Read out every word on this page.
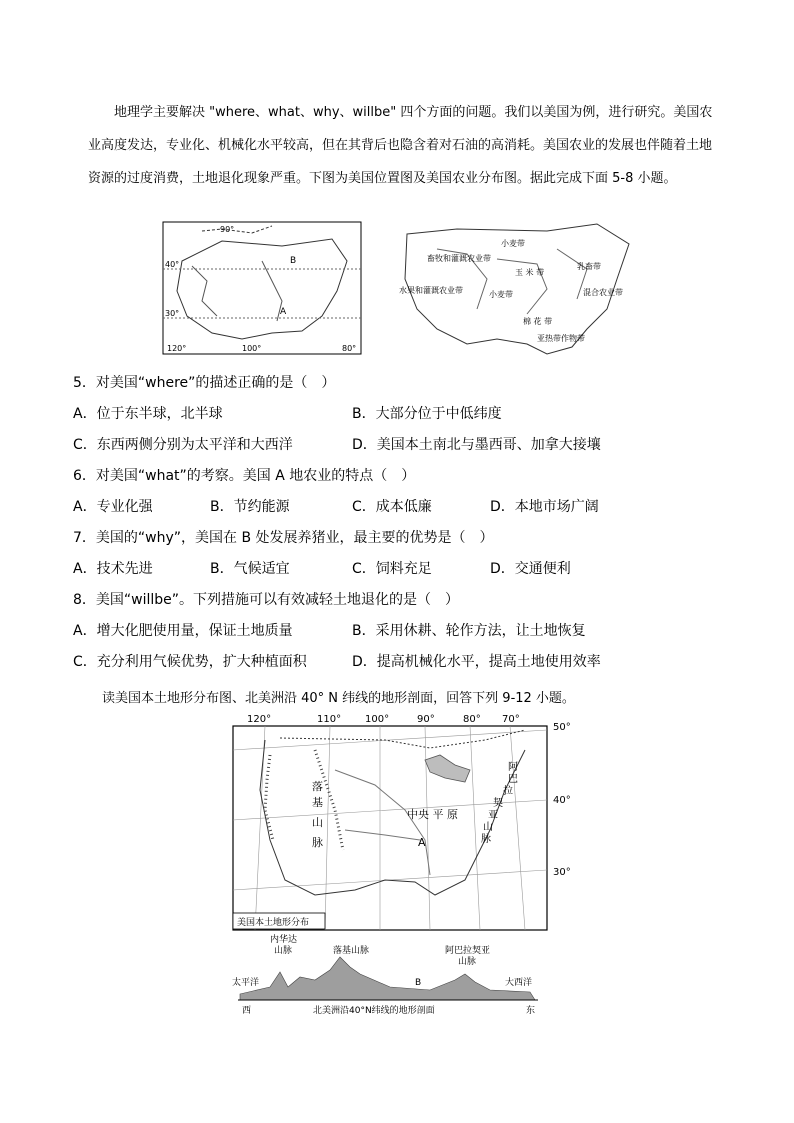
地理学主要解决 "where、what、why、willbe" 四个方面的问题。我们以美国为例，进行研究。美国农业高度发达，专业化、机械化水平较高，但在其背后也隐含着对石油的高消耗。美国农业的发展也伴随着土地资源的过度消费，土地退化现象严重。下图为美国位置图及美国农业分布图。据此完成下面 5-8 小题。
90°
40°
30°
120°	100°	80°
B
A
小麦带
畜牧和灌溉农业带
玉 米 带
乳畜带
水果和灌溉农业带	小麦带	混合农业带
棉 花 带
亚热带作物带
5．对美国“where”的描述正确的是（　）
A．位于东半球，北半球	B．大部分位于中低纬度
C．东西两侧分别为太平洋和大西洋	D．美国本土南北与墨西哥、加拿大接壤
6．对美国“what”的考察。美国 A 地农业的特点（　）
A．专业化强	B．节约能源	C．成本低廉	D．本地市场广阔
7．美国的“why”，美国在 B 处发展养猪业，最主要的优势是（　）
A．技术先进	B．气候适宜	C．饲料充足	D．交通便利
8．美国“willbe”。下列措施可以有效减轻土地退化的是（　）
A．增大化肥使用量，保证土地质量	B．采用休耕、轮作方法，让土地恢复
C．充分利用气候优势，扩大种植面积	D．提高机械化水平，提高土地使用效率
读美国本土地形分布图、北美洲沿 40° N 纬线的地形剖面，回答下列 9-12 小题。
120°	110° 100°	90°	80° 70°
50°
40°
30°
落
基
山
脉
中央 平 原
A
阿
巴
拉
契
亚
山
脉
美国本土地形分布
内华达
山脉	落基山脉	阿巴拉契亚
山脉
太平洋	B	大西洋
西	北美洲沿40°N纬线的地形剖面	东
